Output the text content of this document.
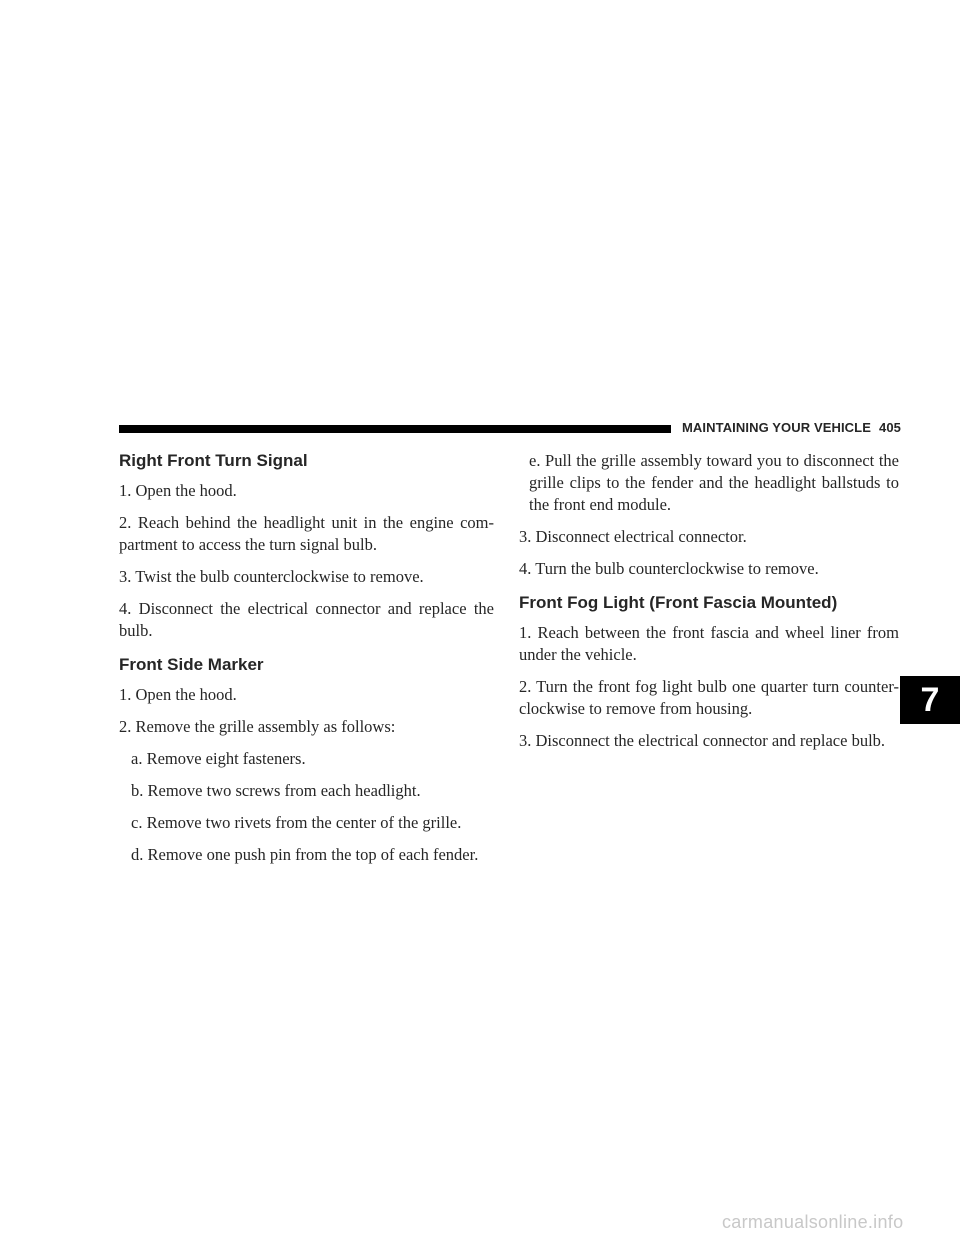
MAINTAINING YOUR VEHICLE 405
Right Front Turn Signal

1. Open the hood.

2. Reach behind the headlight unit in the engine com-partment to access the turn signal bulb.

3. Twist the bulb counterclockwise to remove.

4. Disconnect the electrical connector and replace the bulb.

Front Side Marker

1. Open the hood.

2. Remove the grille assembly as follows:

a. Remove eight fasteners.

b. Remove two screws from each headlight.

c. Remove two rivets from the center of the grille.

d. Remove one push pin from the top of each fender.

e. Pull the grille assembly toward you to disconnect the grille clips to the fender and the headlight ballstuds to the front end module.

3. Disconnect electrical connector.

4. Turn the bulb counterclockwise to remove.

Front Fog Light (Front Fascia Mounted)

1. Reach between the front fascia and wheel liner from under the vehicle.

2. Turn the front fog light bulb one quarter turn counter-clockwise to remove from housing.

3. Disconnect the electrical connector and replace bulb.

7
carmanualsonline.info
